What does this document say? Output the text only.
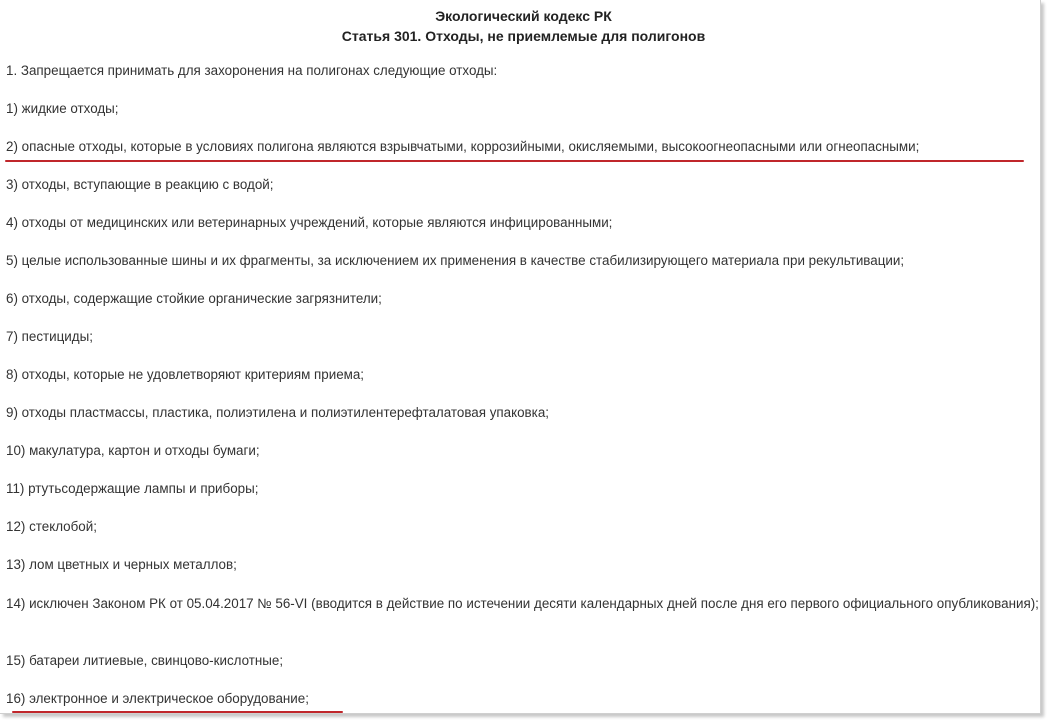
Экологический кодекс РК
Статья 301. Отходы, не приемлемые для полигонов
1. Запрещается принимать для захоронения на полигонах следующие отходы:
1) жидкие отходы;
2) опасные отходы, которые в условиях полигона являются взрывчатыми, коррозийными, окисляемыми, высокоогнеопасными или огнеопасными;
3) отходы, вступающие в реакцию с водой;
4) отходы от медицинских или ветеринарных учреждений, которые являются инфицированными;
5) целые использованные шины и их фрагменты, за исключением их применения в качестве стабилизирующего материала при рекультивации;
6) отходы, содержащие стойкие органические загрязнители;
7) пестициды;
8) отходы, которые не удовлетворяют критериям приема;
9) отходы пластмассы, пластика, полиэтилена и полиэтилентерефталатовая упаковка;
10) макулатура, картон и отходы бумаги;
11) ртутьсодержащие лампы и приборы;
12) стеклобой;
13) лом цветных и черных металлов;
14) исключен Законом РК от 05.04.2017 № 56-VI (вводится в действие по истечении десяти календарных дней после дня его первого официального опубликования);
15) батареи литиевые, свинцово-кислотные;
16) электронное и электрическое оборудование;
